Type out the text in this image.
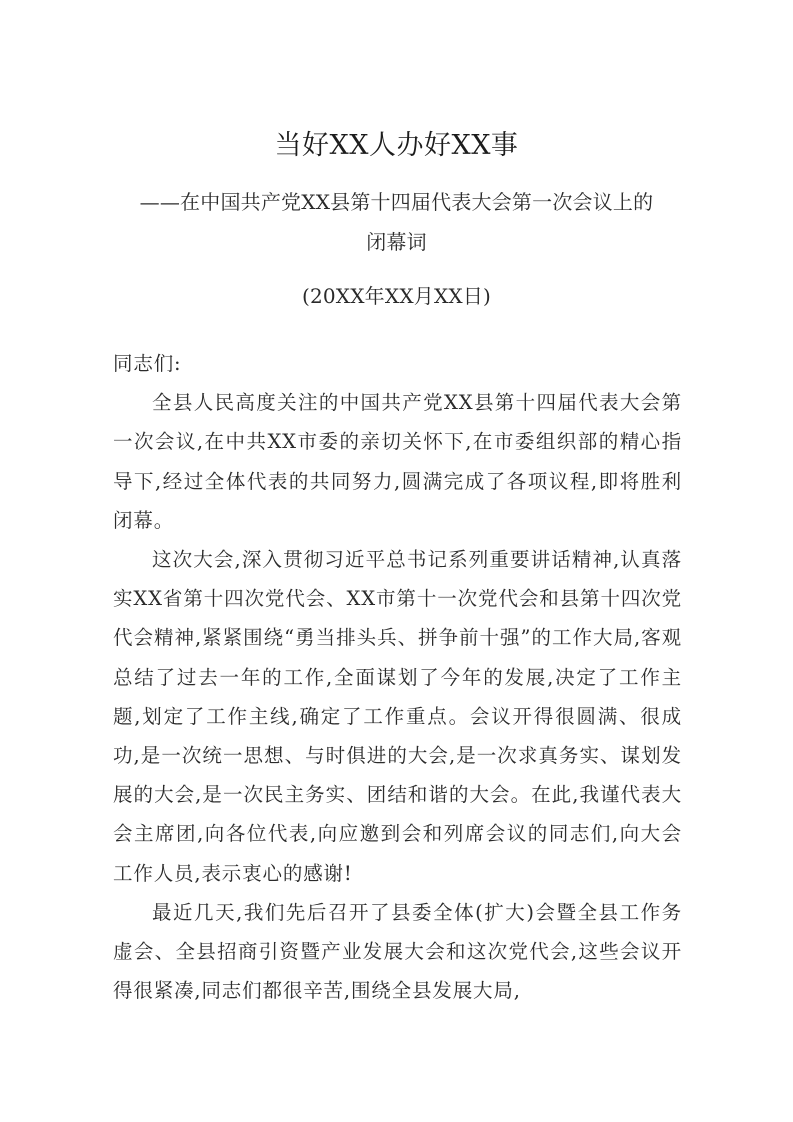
当好XX人办好XX事
——在中国共产党XX县第十四届代表大会第一次会议上的
闭幕词
(20XX年XX月XX日)

同志们:

全县人民高度关注的中国共产党XX县第十四届代表大会第一次会议,在中共XX市委的亲切关怀下,在市委组织部的精心指导下,经过全体代表的共同努力,圆满完成了各项议程,即将胜利闭幕。

这次大会,深入贯彻习近平总书记系列重要讲话精神,认真落实XX省第十四次党代会、XX市第十一次党代会和县第十四次党代会精神,紧紧围绕“勇当排头兵、拼争前十强”的工作大局,客观总结了过去一年的工作,全面谋划了今年的发展,决定了工作主题,划定了工作主线,确定了工作重点。会议开得很圆满、很成功,是一次统一思想、与时俱进的大会,是一次求真务实、谋划发展的大会,是一次民主务实、团结和谐的大会。在此,我谨代表大会主席团,向各位代表,向应邀到会和列席会议的同志们,向大会工作人员,表示衷心的感谢!

最近几天,我们先后召开了县委全体(扩大)会暨全县工作务虚会、全县招商引资暨产业发展大会和这次党代会,这些会议开得很紧凑,同志们都很辛苦,围绕全县发展大局,
